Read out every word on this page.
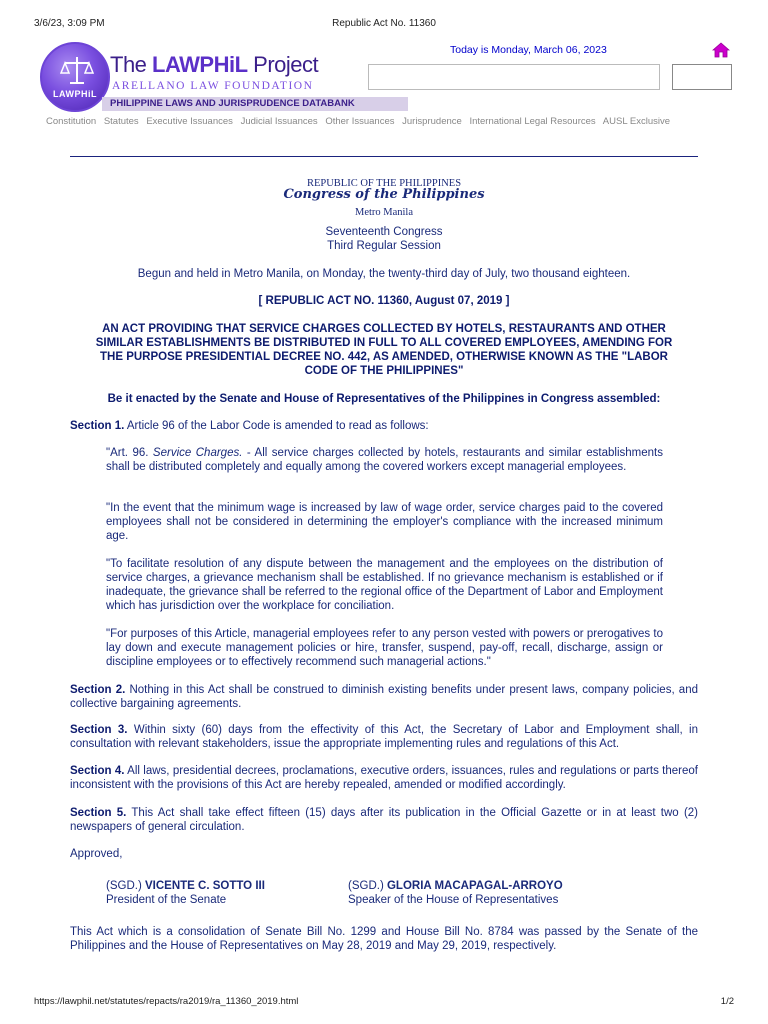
3/6/23, 3:09 PM	Republic Act No. 11360
LAWPHiL
The LAWPHiL Project
ARELLANO LAW FOUNDATION
PHILIPPINE LAWS AND JURISPRUDENCE DATABANK
Today is Monday, March 06, 2023
Constitution Statutes Executive Issuances Judicial Issuances Other Issuances Jurisprudence International Legal Resources AUSL Exclusive
REPUBLIC OF THE PHILIPPINES
Congress of the Philippines
Metro Manila
Seventeenth Congress
Third Regular Session
Begun and held in Metro Manila, on Monday, the twenty-third day of July, two thousand eighteen.
[ REPUBLIC ACT NO. 11360, August 07, 2019 ]
AN ACT PROVIDING THAT SERVICE CHARGES COLLECTED BY HOTELS, RESTAURANTS AND OTHER
SIMILAR ESTABLISHMENTS BE DISTRIBUTED IN FULL TO ALL COVERED EMPLOYEES, AMENDING FOR
THE PURPOSE PRESIDENTIAL DECREE NO. 442, AS AMENDED, OTHERWISE KNOWN AS THE "LABOR
CODE OF THE PHILIPPINES"
Be it enacted by the Senate and House of Representatives of the Philippines in Congress assembled:
Section 1. Article 96 of the Labor Code is amended to read as follows:
"Art. 96. Service Charges. - All service charges collected by hotels, restaurants and similar establishments shall be distributed completely and equally among the covered workers except managerial employees.
"In the event that the minimum wage is increased by law of wage order, service charges paid to the covered employees shall not be considered in determining the employer's compliance with the increased minimum age.
"To facilitate resolution of any dispute between the management and the employees on the distribution of service charges, a grievance mechanism shall be established. If no grievance mechanism is established or if inadequate, the grievance shall be referred to the regional office of the Department of Labor and Employment which has jurisdiction over the workplace for conciliation.
"For purposes of this Article, managerial employees refer to any person vested with powers or prerogatives to lay down and execute management policies or hire, transfer, suspend, pay-off, recall, discharge, assign or discipline employees or to effectively recommend such managerial actions."
Section 2. Nothing in this Act shall be construed to diminish existing benefits under present laws, company policies, and collective bargaining agreements.
Section 3. Within sixty (60) days from the effectivity of this Act, the Secretary of Labor and Employment shall, in consultation with relevant stakeholders, issue the appropriate implementing rules and regulations of this Act.
Section 4. All laws, presidential decrees, proclamations, executive orders, issuances, rules and regulations or parts thereof inconsistent with the provisions of this Act are hereby repealed, amended or modified accordingly.
Section 5. This Act shall take effect fifteen (15) days after its publication in the Official Gazette or in at least two (2) newspapers of general circulation.
Approved,
(SGD.) VICENTE C. SOTTO III
President of the Senate
(SGD.) GLORIA MACAPAGAL-ARROYO
Speaker of the House of Representatives
This Act which is a consolidation of Senate Bill No. 1299 and House Bill No. 8784 was passed by the Senate of the Philippines and the House of Representatives on May 28, 2019 and May 29, 2019, respectively.
https://lawphil.net/statutes/repacts/ra2019/ra_11360_2019.html	1/2
